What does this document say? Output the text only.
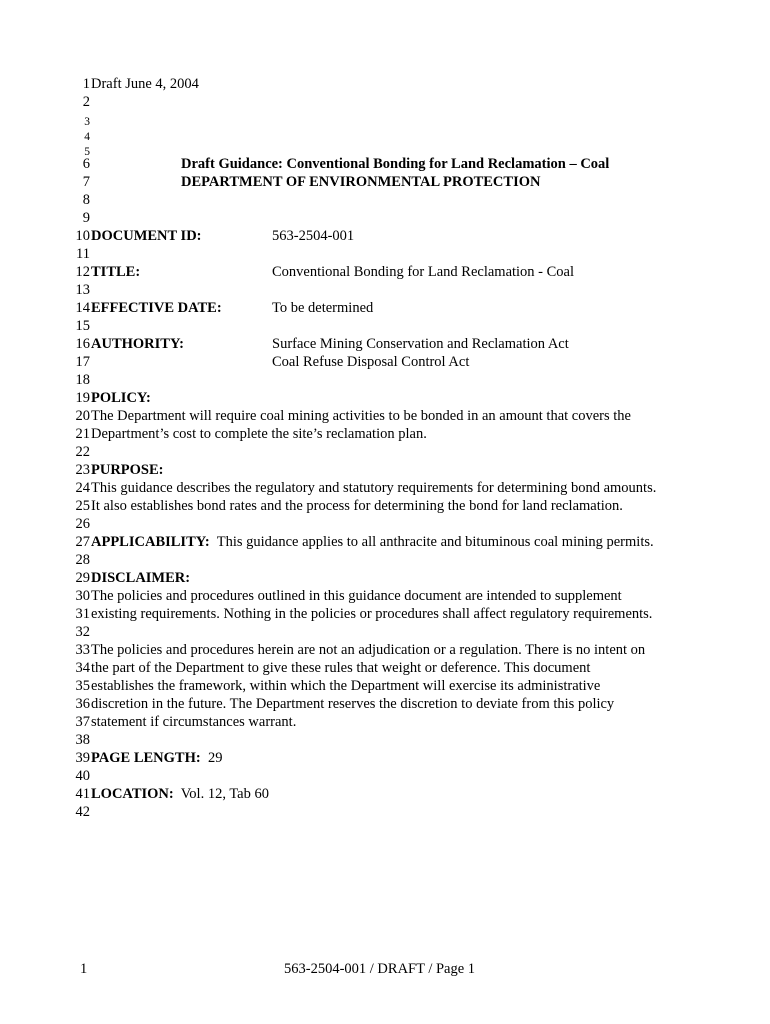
1
2
3
4
5
6
7
8
9
10
11
12
13
14
15
16
17
18
19
20
21
22
23
24
25
26
27
28
29
30
31
32
33
34
35
36
37
38
39
40
41
42
Draft June 4, 2004
Draft Guidance: Conventional Bonding for Land Reclamation – Coal
DEPARTMENT OF ENVIRONMENTAL PROTECTION
DOCUMENT ID:	563-2504-001
TITLE:	Conventional Bonding for Land Reclamation - Coal
EFFECTIVE DATE:	To be determined
AUTHORITY:	Surface Mining Conservation and Reclamation Act
Coal Refuse Disposal Control Act
POLICY:
The Department will require coal mining activities to be bonded in an amount that covers the
Department’s cost to complete the site’s reclamation plan.
PURPOSE:
This guidance describes the regulatory and statutory requirements for determining bond amounts.
It also establishes bond rates and the process for determining the bond for land reclamation.
APPLICABILITY:  This guidance applies to all anthracite and bituminous coal mining permits.
DISCLAIMER:
The policies and procedures outlined in this guidance document are intended to supplement
existing requirements. Nothing in the policies or procedures shall affect regulatory requirements.
The policies and procedures herein are not an adjudication or a regulation. There is no intent on
the part of the Department to give these rules that weight or deference. This document
establishes the framework, within which the Department will exercise its administrative
discretion in the future. The Department reserves the discretion to deviate from this policy
statement if circumstances warrant.
PAGE LENGTH:  29
LOCATION:  Vol. 12, Tab 60
1	563-2504-001 / DRAFT / Page 1
